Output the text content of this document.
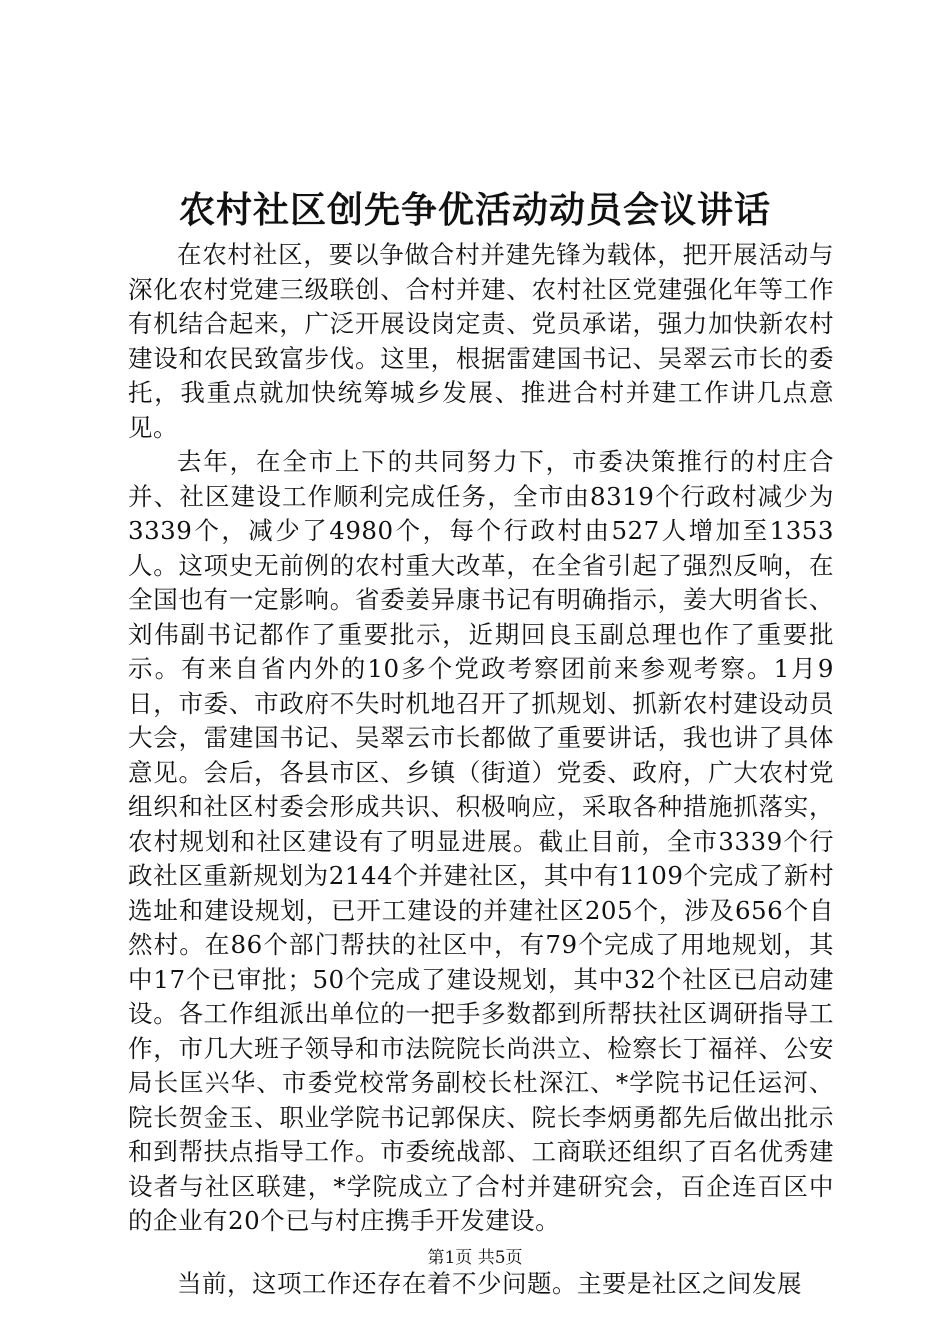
农村社区创先争优活动动员会议讲话

在农村社区，要以争做合村并建先锋为载体，把开展活动与深化农村党建三级联创、合村并建、农村社区党建强化年等工作有机结合起来，广泛开展设岗定责、党员承诺，强力加快新农村建设和农民致富步伐。这里，根据雷建国书记、吴翠云市长的委托，我重点就加快统筹城乡发展、推进合村并建工作讲几点意见。

去年，在全市上下的共同努力下，市委决策推行的村庄合并、社区建设工作顺利完成任务，全市由8319个行政村减少为3339个，减少了4980个，每个行政村由527人增加至1353人。这项史无前例的农村重大改革，在全省引起了强烈反响，在全国也有一定影响。省委姜异康书记有明确指示，姜大明省长、刘伟副书记都作了重要批示，近期回良玉副总理也作了重要批示。有来自省内外的10多个党政考察团前来参观考察。1月9日，市委、市政府不失时机地召开了抓规划、抓新农村建设动员大会，雷建国书记、吴翠云市长都做了重要讲话，我也讲了具体意见。会后，各县市区、乡镇（街道）党委、政府，广大农村党组织和社区村委会形成共识、积极响应，采取各种措施抓落实，农村规划和社区建设有了明显进展。截止目前，全市3339个行政社区重新规划为2144个并建社区，其中有1109个完成了新村选址和建设规划，已开工建设的并建社区205个，涉及656个自然村。在86个部门帮扶的社区中，有79个完成了用地规划，其中17个已审批；50个完成了建设规划，其中32个社区已启动建设。各工作组派出单位的一把手多数都到所帮扶社区调研指导工作，市几大班子领导和市法院院长尚洪立、检察长丁福祥、公安局长匡兴华、市委党校常务副校长杜深江、*学院书记任运河、院长贺金玉、职业学院书记郭保庆、院长李炳勇都先后做出批示和到帮扶点指导工作。市委统战部、工商联还组织了百名优秀建设者与社区联建，*学院成立了合村并建研究会，百企连百区中的企业有20个已与村庄携手开发建设。

当前，这项工作还存在着不少问题。主要是社区之间发展

第1页 共5页
